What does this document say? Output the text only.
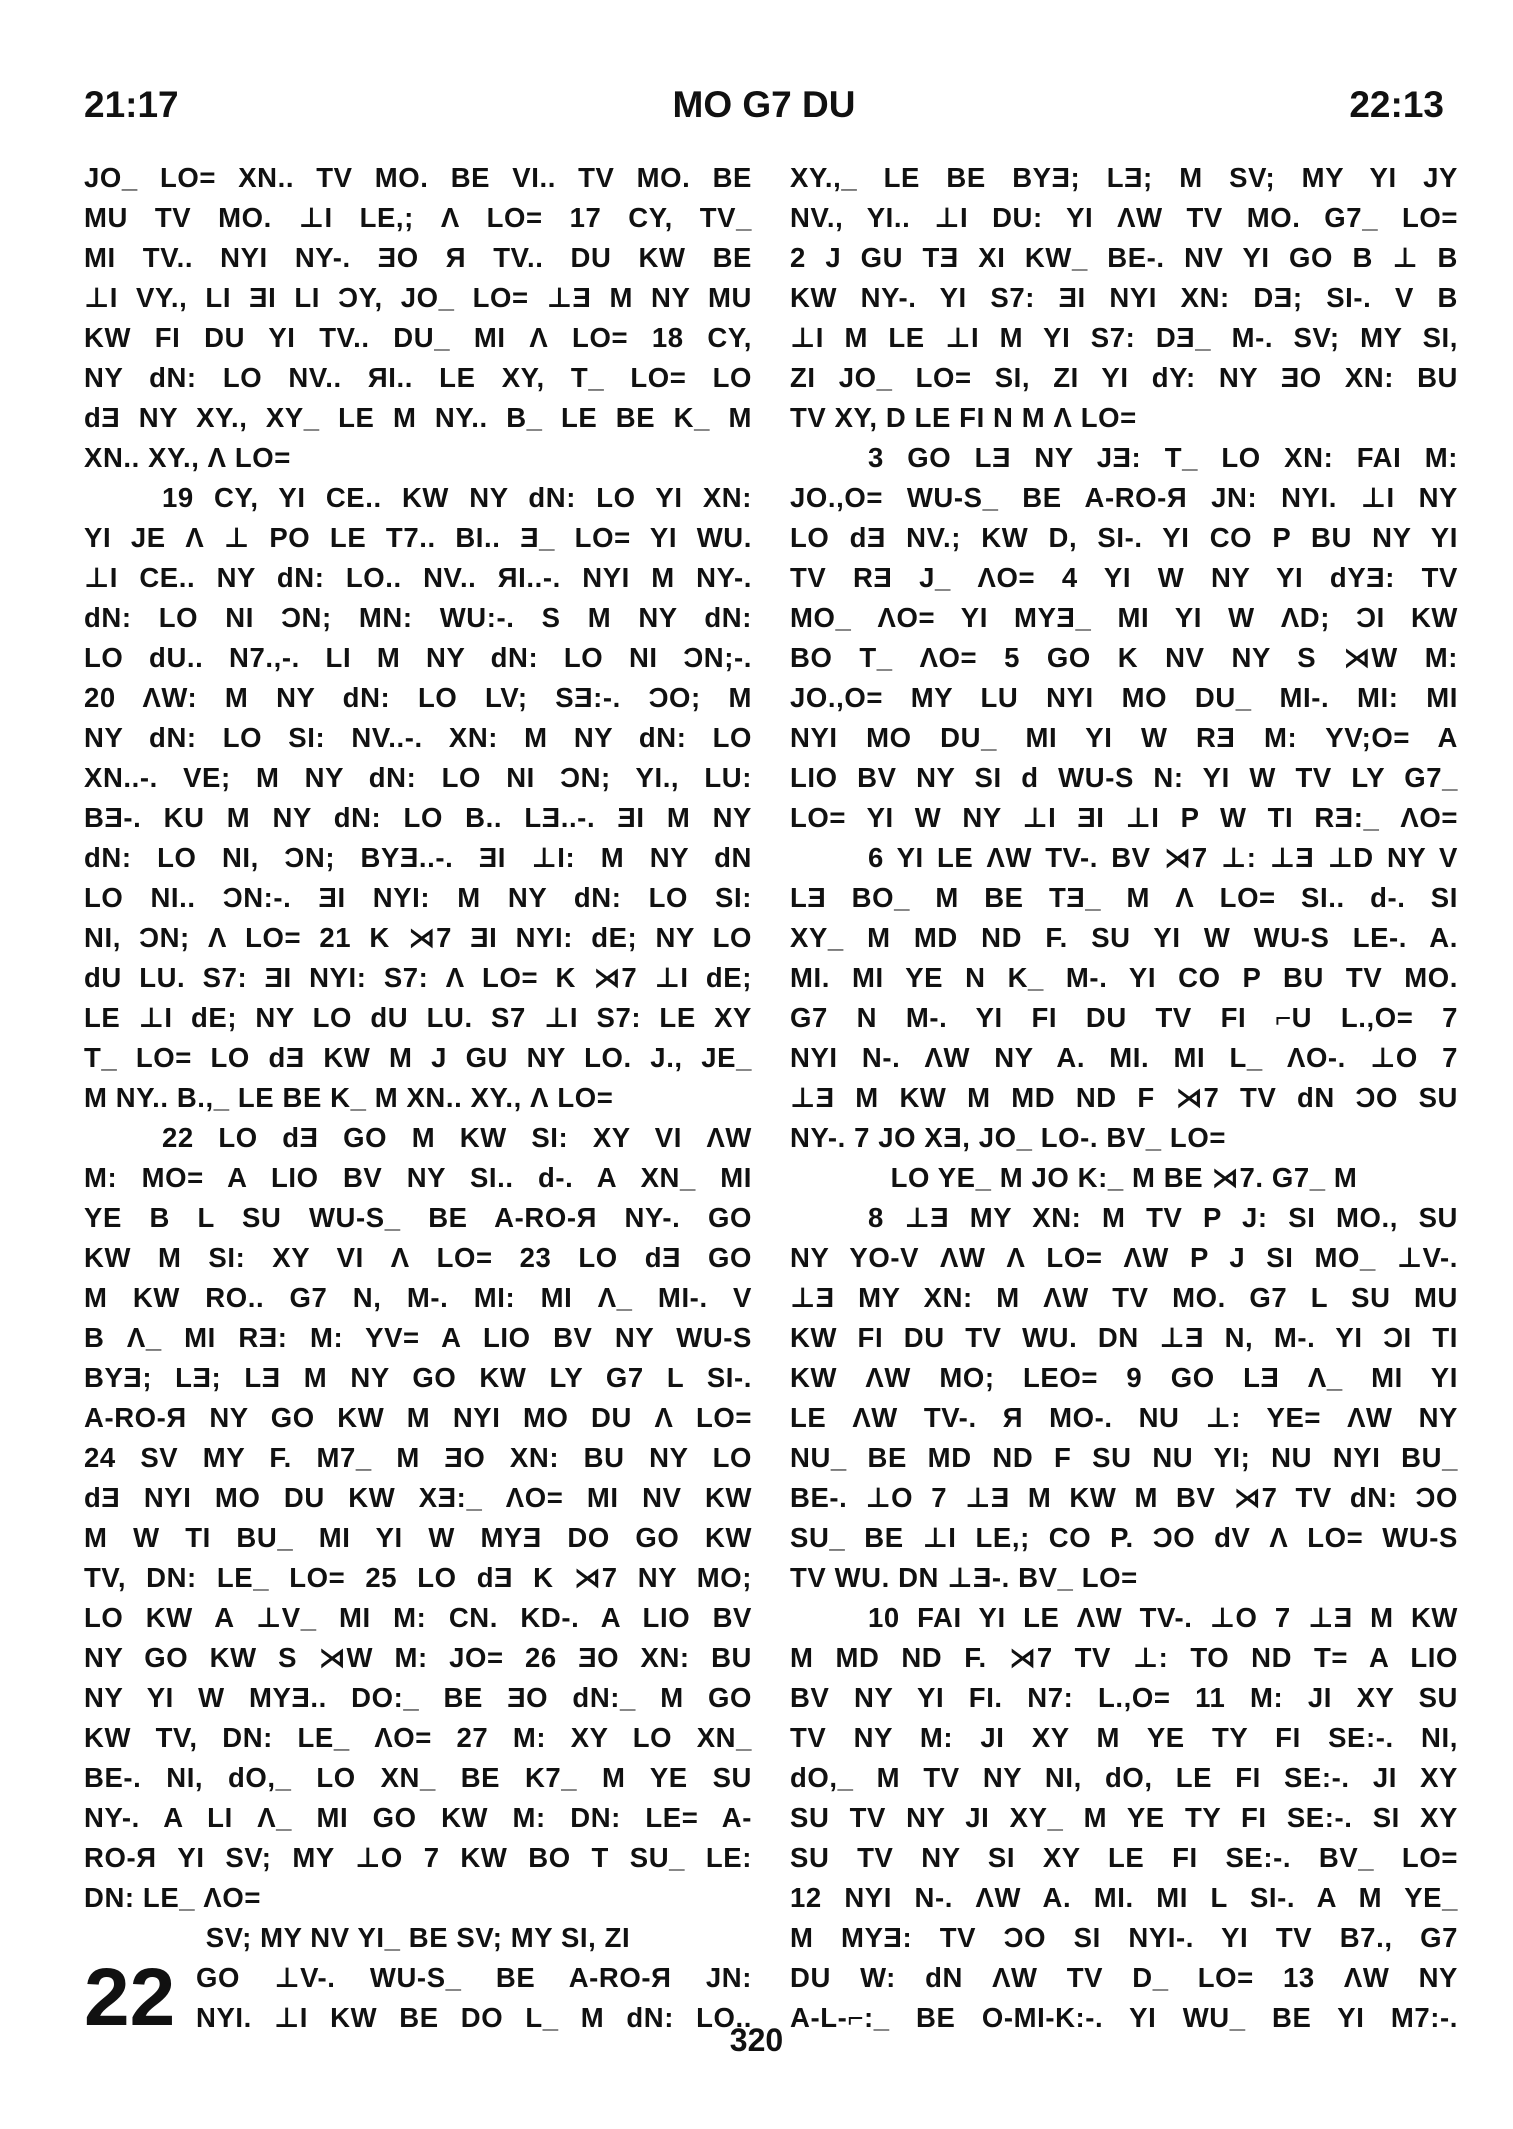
21:17	MO G7 DU	22:13
JO_ LO= XN.. TV MO. BE VI.. TV MO. BE
MU TV MO. ⊥I LE,; Λ LO= 17 CY, TV_
MI TV.. NYI NY-. ƎO Я TV.. DU KW BE
⊥I VY., LI ƎI LI ƆY, JO_ LO= ⊥Ǝ M NY MU
KW FI DU YI TV.. DU_ MI Λ LO= 18 CY,
NY dN: LO NV.. ЯI.. LE XY, T_ LO= LO
dƎ NY XY., XY_ LE M NY.. B_ LE BE K_ M
XN.. XY., Λ LO=
19 CY, YI CE.. KW NY dN: LO YI XN:
YI JE Λ ⊥ PO LE T7.. BI.. Ǝ_ LO= YI WU.
⊥I CE.. NY dN: LO.. NV.. ЯI..-. NYI M NY-.
dN: LO NI ƆN; MN: WU:-. S M NY dN:
LO dU.. N7.,-. LI M NY dN: LO NI ƆN;-.
20 ΛW: M NY dN: LO LV; SƎ:-. ƆO; M
NY dN: LO SI: NV..-. XN: M NY dN: LO
XN..-. VE; M NY dN: LO NI ƆN; YI., LU:
BƎ-. KU M NY dN: LO B.. LƎ..-. ƎI M NY
dN: LO NI, ƆN; BYƎ..-. ƎI ⊥I: M NY dN
LO NI.. ƆN:-. ƎI NYI: M NY dN: LO SI:
NI, ƆN; Λ LO= 21 K ⋊7 ƎI NYI: dE; NY LO
dU LU. S7: ƎI NYI: S7: Λ LO= K ⋊7 ⊥I dE;
LE ⊥I dE; NY LO dU LU. S7 ⊥I S7: LE XY
T_ LO= LO dƎ KW M J GU NY LO. J., JE_
M NY.. B.,_ LE BE K_ M XN.. XY., Λ LO=
22 LO dƎ GO M KW SI: XY VI ΛW
M: MO= A LIO BV NY SI.. d-. A XN_ MI
YE B L SU WU-S_ BE A-RO-Я NY-. GO
KW M SI: XY VI Λ LO= 23 LO dƎ GO
M KW RO.. G7 N, M-. MI: MI Λ_ MI-. V
B Λ_ MI RƎ: M: YV= A LIO BV NY WU-S
BYƎ; LƎ; LƎ M NY GO KW LY G7 L SI-.
A-RO-Я NY GO KW M NYI MO DU Λ LO=
24 SV MY F. M7_ M ƎO XN: BU NY LO
dƎ NYI MO DU KW XƎ:_ ΛO= MI NV KW
M W TI BU_ MI YI W MYƎ DO GO KW
TV, DN: LE_ LO= 25 LO dƎ K ⋊7 NY MO;
LO KW A ⊥V_ MI M: CN. KD-. A LIO BV
NY GO KW S ⋊W M: JO= 26 ƎO XN: BU
NY YI W MYƎ.. DO:_ BE ƎO dN:_ M GO
KW TV, DN: LE_ ΛO= 27 M: XY LO XN_
BE-. NI, dO,_ LO XN_ BE K7_ M YE SU
NY-. A LI Λ_ MI GO KW M: DN: LE= A-
RO-Я YI SV; MY ⊥O 7 KW BO T SU_ LE:
DN: LE_ ΛO=
SV; MY NV YI_ BE SV; MY SI, ZI
22 GO ⊥V-. WU-S_ BE A-RO-Я JN:
NYI. ⊥I KW BE DO L_ M dN: LO..
XY.,_ LE BE BYƎ; LƎ; M SV; MY YI JY
NV., YI.. ⊥I DU: YI ΛW TV MO. G7_ LO=
2 J GU TƎ XI KW_ BE-. NV YI GO B ⊥ B
KW NY-. YI S7: ƎI NYI XN: DƎ; SI-. V B
⊥I M LE ⊥I M YI S7: DƎ_ M-. SV; MY SI,
ZI JO_ LO= SI, ZI YI dY: NY ƎO XN: BU
TV XY, D LE FI N M Λ LO=
3 GO LƎ NY JƎ: T_ LO XN: FAI M:
JO.,O= WU-S_ BE A-RO-Я JN: NYI. ⊥I NY
LO dƎ NV.; KW D, SI-. YI CO P BU NY YI
TV RƎ J_ ΛO= 4 YI W NY YI dYƎ: TV
MO_ ΛO= YI MYƎ_ MI YI W ΛD; ƆI KW
BO T_ ΛO= 5 GO K NV NY S ⋊W M:
JO.,O= MY LU NYI MO DU_ MI-. MI: MI
NYI MO DU_ MI YI W RƎ M: YV;O= A
LIO BV NY SI d WU-S N: YI W TV LY G7_
LO= YI W NY ⊥I ƎI ⊥I P W TI RƎ:_ ΛO=
6 YI LE ΛW TV-. BV ⋊7 ⊥: ⊥Ǝ ⊥D NY V
LƎ BO_ M BE TƎ_ M Λ LO= SI.. d-. SI
XY_ M MD ND F. SU YI W WU-S LE-. A.
MI. MI YE N K_ M-. YI CO P BU TV MO.
G7 N M-. YI FI DU TV FI ⌐U L.,O= 7
NYI N-. ΛW NY A. MI. MI L_ ΛO-. ⊥O 7
⊥Ǝ M KW M MD ND F ⋊7 TV dN ƆO SU
NY-. 7 JO XƎ, JO_ LO-. BV_ LO=
LO YE_ M JO K:_ M BE ⋊7. G7_ M
8 ⊥Ǝ MY XN: M TV P J: SI MO., SU
NY YO-V ΛW Λ LO= ΛW P J SI MO_ ⊥V-.
⊥Ǝ MY XN: M ΛW TV MO. G7 L SU MU
KW FI DU TV WU. DN ⊥Ǝ N, M-. YI ƆI TI
KW ΛW MO; LEO= 9 GO LƎ Λ_ MI YI
LE ΛW TV-. Я MO-. NU ⊥: YE= ΛW NY
NU_ BE MD ND F SU NU YI; NU NYI BU_
BE-. ⊥O 7 ⊥Ǝ M KW M BV ⋊7 TV dN: ƆO
SU_ BE ⊥I LE,; CO P. ƆO dV Λ LO= WU-S
TV WU. DN ⊥Ǝ-. BV_ LO=
10 FAI YI LE ΛW TV-. ⊥O 7 ⊥Ǝ M KW
M MD ND F. ⋊7 TV ⊥: TO ND T= A LIO
BV NY YI FI. N7: L.,O= 11 M: JI XY SU
TV NY M: JI XY M YE TY FI SE:-. NI,
dO,_ M TV NY NI, dO, LE FI SE:-. JI XY
SU TV NY JI XY_ M YE TY FI SE:-. SI XY
SU TV NY SI XY LE FI SE:-. BV_ LO=
12 NYI N-. ΛW A. MI. MI L SI-. A M YE_
M MYƎ: TV ƆO SI NYI-. YI TV B7., G7
DU W: dN ΛW TV D_ LO= 13 ΛW NY
A-L-⌐:_ BE O-MI-K:-. YI WU_ BE YI M7:-.
320
